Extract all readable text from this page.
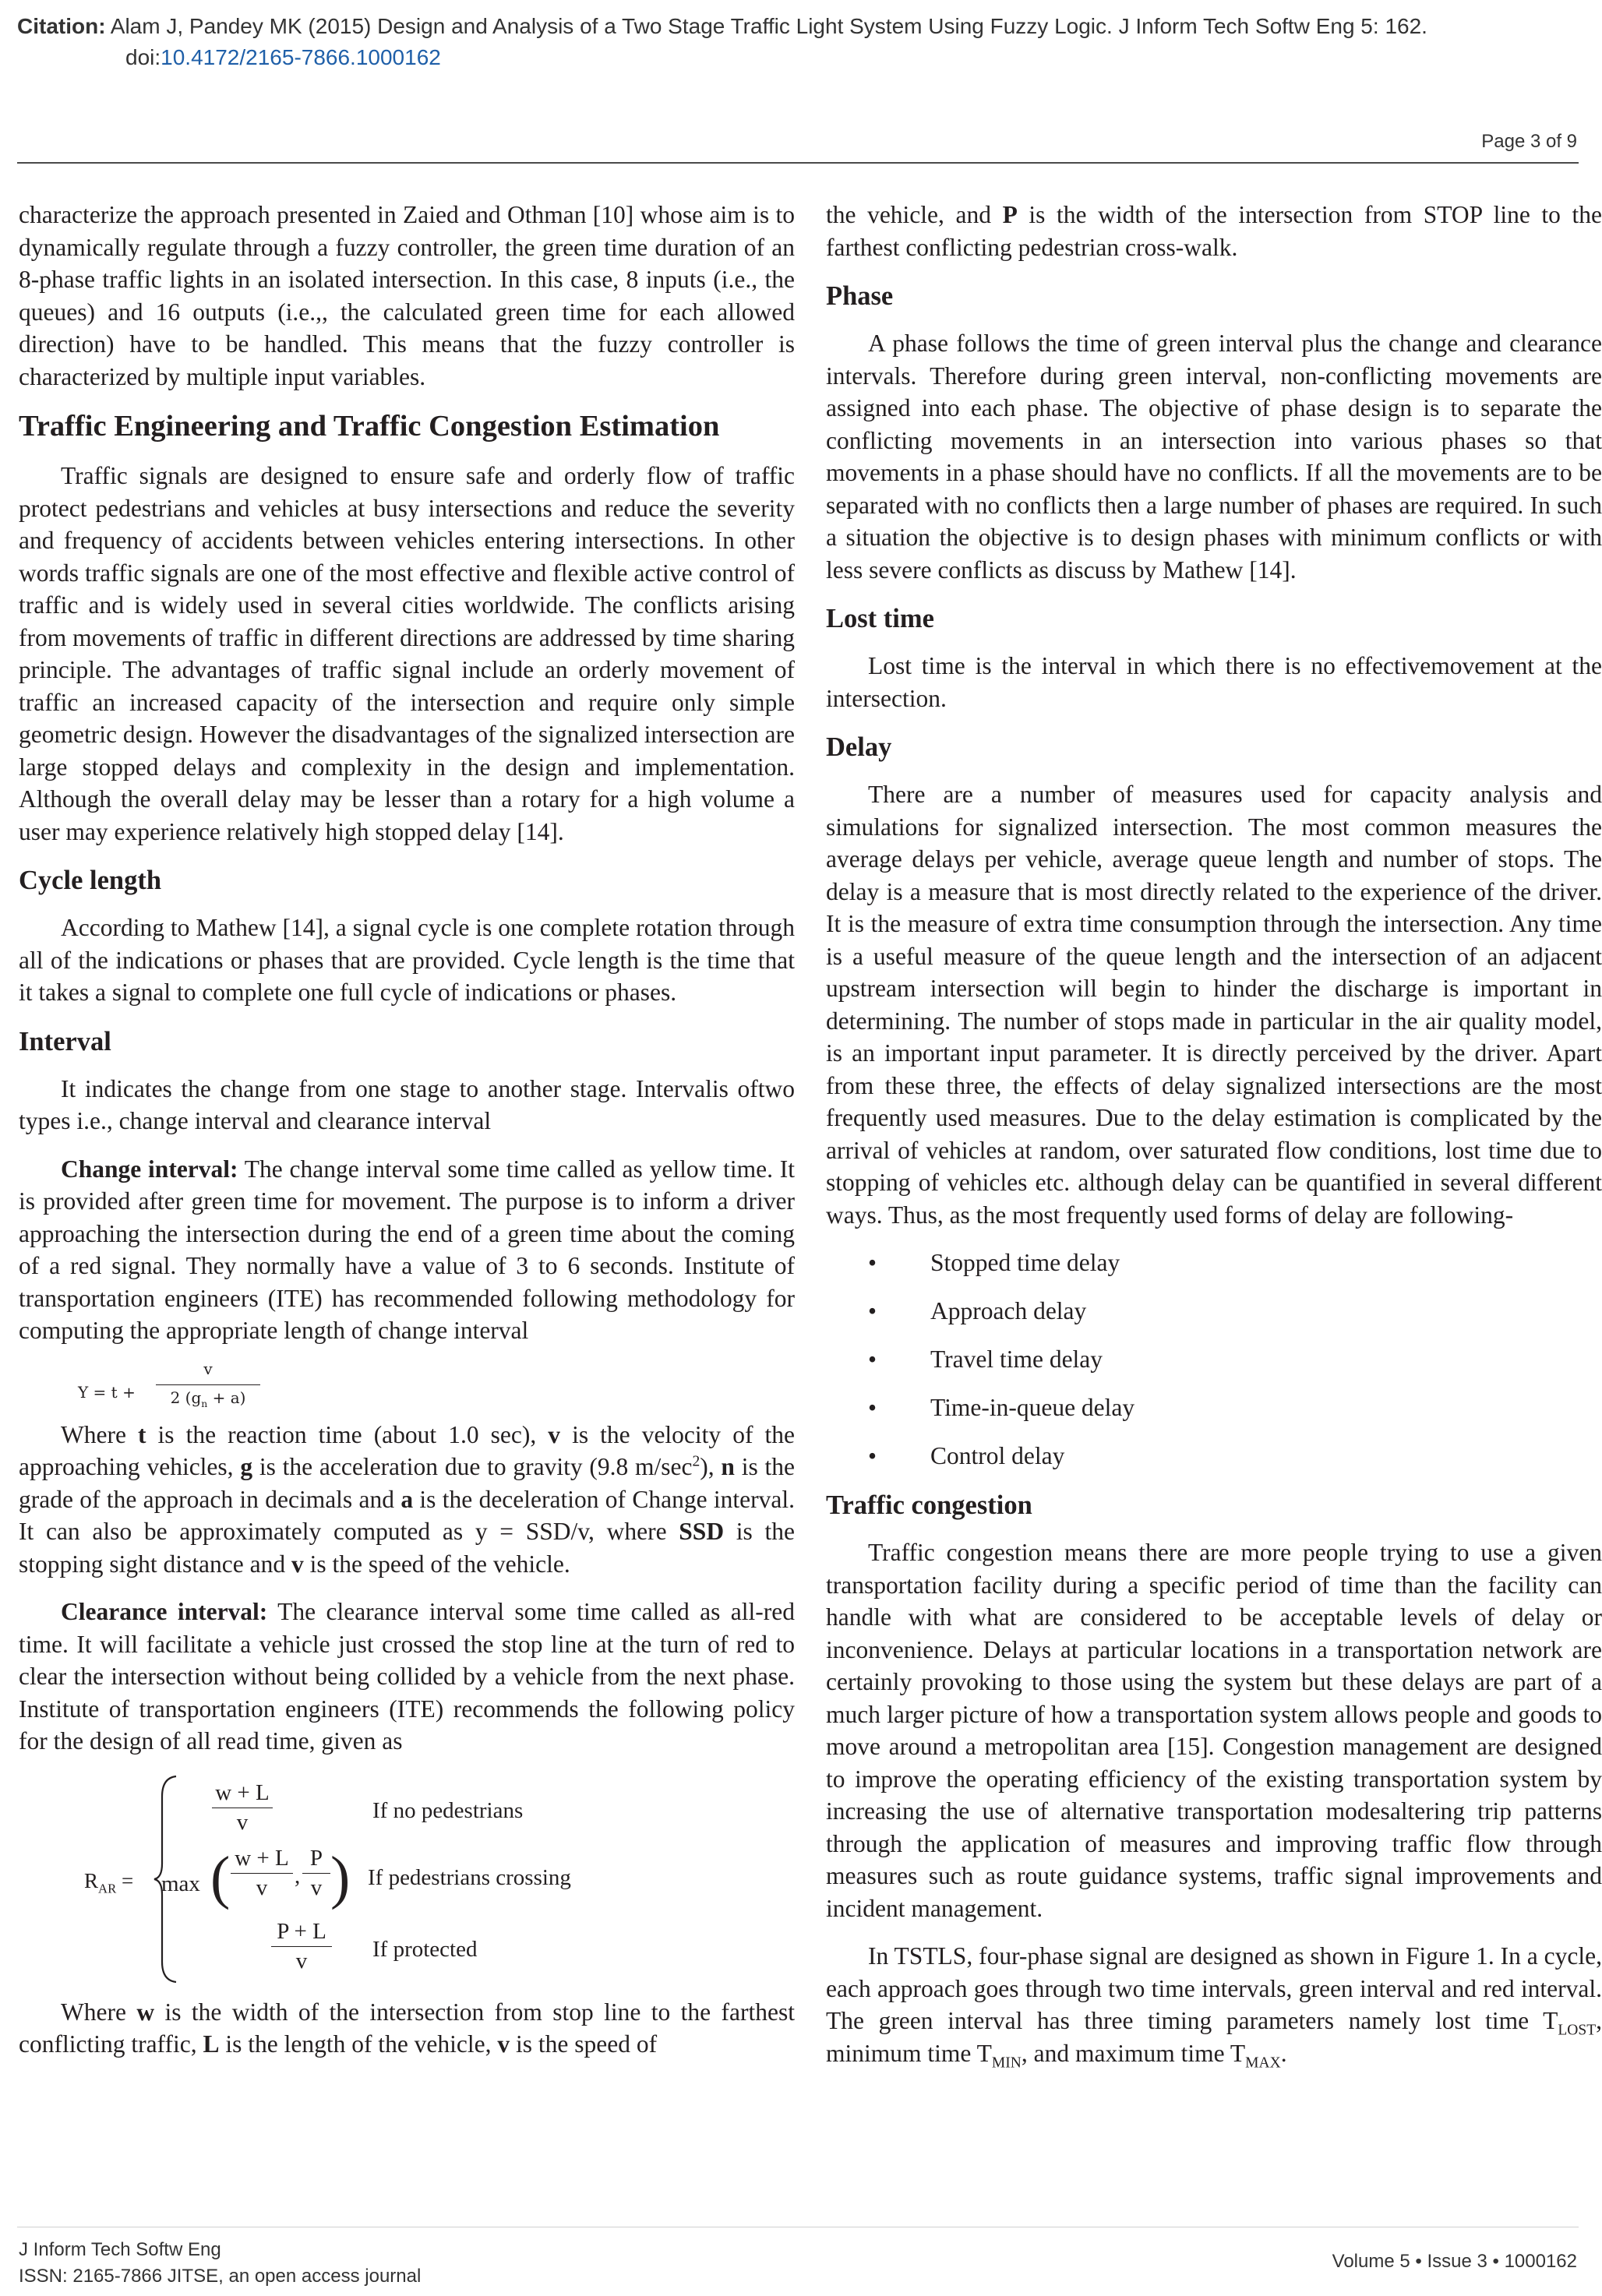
Citation: Alam J, Pandey MK (2015) Design and Analysis of a Two Stage Traffic Light System Using Fuzzy Logic. J Inform Tech Softw Eng 5: 162.
doi:10.4172/2165-7866.1000162
Page 3 of 9

characterize the approach presented in Zaied and Othman [10] whose aim is to dynamically regulate through a fuzzy controller, the green time duration of an 8-phase traffic lights in an isolated intersection. In this case, 8 inputs (i.e., the queues) and 16 outputs (i.e.,, the calculated green time for each allowed direction) have to be handled. This means that the fuzzy controller is characterized by multiple input variables.

Traffic Engineering and Traffic Congestion Estimation

Traffic signals are designed to ensure safe and orderly flow of traffic protect pedestrians and vehicles at busy intersections and reduce the severity and frequency of accidents between vehicles entering intersections. In other words traffic signals are one of the most effective and flexible active control of traffic and is widely used in several cities worldwide. The conflicts arising from movements of traffic in different directions are addressed by time sharing principle. The advantages of traffic signal include an orderly movement of traffic an increased capacity of the intersection and require only simple geometric design. However the disadvantages of the signalized intersection are large stopped delays and complexity in the design and implementation. Although the overall delay may be lesser than a rotary for a high volume a user may experience relatively high stopped delay [14].

Cycle length

According to Mathew [14], a signal cycle is one complete rotation through all of the indications or phases that are provided. Cycle length is the time that it takes a signal to complete one full cycle of indications or phases.

Interval

It indicates the change from one stage to another stage. Intervalis oftwo types i.e., change interval and clearance interval

Change interval: The change interval some time called as yellow time. It is provided after green time for movement. The purpose is to inform a driver approaching the intersection during the end of a green time about the coming of a red signal. They normally have a value of 3 to 6 seconds. Institute of transportation engineers (ITE) has recommended following methodology for computing the appropriate length of change interval

$Y = t + \frac{v}{2 (g_n + a)}$

Where t is the reaction time (about 1.0 sec), v is the velocity of the approaching vehicles, g is the acceleration due to gravity (9.8 $m/\sec^2$), n is the grade of the approach in decimals and a is the deceleration of Change interval. It can also be approximately computed as y = SSD/v, where SSD is the stopping sight distance and v is the speed of the vehicle.

Clearance interval: The clearance interval some time called as all-red time. It will facilitate a vehicle just crossed the stop line at the turn of red to clear the intersection without being collided by a vehicle from the next phase. Institute of transportation engineers (ITE) recommends the following policy for the design of all read time, given as

$R_{AR}$ =
$\frac{w + L}{v}$	If no pedestrians
max ( $\frac{w + L}{v}$ , $\frac{P}{v}$ ) If pedestrians crossing
$\frac{P + L}{v}$ If protected

Where w is the width of the intersection from stop line to the farthest conflicting traffic, L is the length of the vehicle, v is the speed of

the vehicle, and P is the width of the intersection from STOP line to the farthest conflicting pedestrian cross-walk.

Phase

A phase follows the time of green interval plus the change and clearance intervals. Therefore during green interval, non-conflicting movements are assigned into each phase. The objective of phase design is to separate the conflicting movements in an intersection into various phases so that movements in a phase should have no conflicts. If all the movements are to be separated with no conflicts then a large number of phases are required. In such a situation the objective is to design phases with minimum conflicts or with less severe conflicts as discuss by Mathew [14].

Lost time

Lost time is the interval in which there is no effectivemovement at the intersection.

Delay

There are a number of measures used for capacity analysis and simulations for signalized intersection. The most common measures the average delays per vehicle, average queue length and number of stops. The delay is a measure that is most directly related to the experience of the driver. It is the measure of extra time consumption through the intersection. Any time is a useful measure of the queue length and the intersection of an adjacent upstream intersection will begin to hinder the discharge is important in determining. The number of stops made in particular in the air quality model, is an important input parameter. It is directly perceived by the driver. Apart from these three, the effects of delay signalized intersections are the most frequently used measures. Due to the delay estimation is complicated by the arrival of vehicles at random, over saturated flow conditions, lost time due to stopping of vehicles etc. although delay can be quantified in several different ways. Thus, as the most frequently used forms of delay are following-

• Stopped time delay
• Approach delay
• Travel time delay
• Time-in-queue delay
• Control delay
Traffic congestion

Traffic congestion means there are more people trying to use a given transportation facility during a specific period of time than the facility can handle with what are considered to be acceptable levels of delay or inconvenience. Delays at particular locations in a transportation network are certainly provoking to those using the system but these delays are part of a much larger picture of how a transportation system allows people and goods to move around a metropolitan area [15]. Congestion management are designed to improve the operating efficiency of the existing transportation system by increasing the use of alternative transportation modesaltering trip patterns through the application of measures and improving traffic flow through measures such as route guidance systems, traffic signal improvements and incident management.

In TSTLS, four-phase signal are designed as shown in Figure 1. In a cycle, each approach goes through two time intervals, green interval and red interval. The green interval has three timing parameters namely lost time $T_{LOST}$, minimum time $T_{MIN}$, and maximum time $T_{MAX}$.

J Inform Tech Softw Eng
ISSN: 2165-7866 JITSE, an open access journal
Volume 5 • Issue 3 • 1000162
